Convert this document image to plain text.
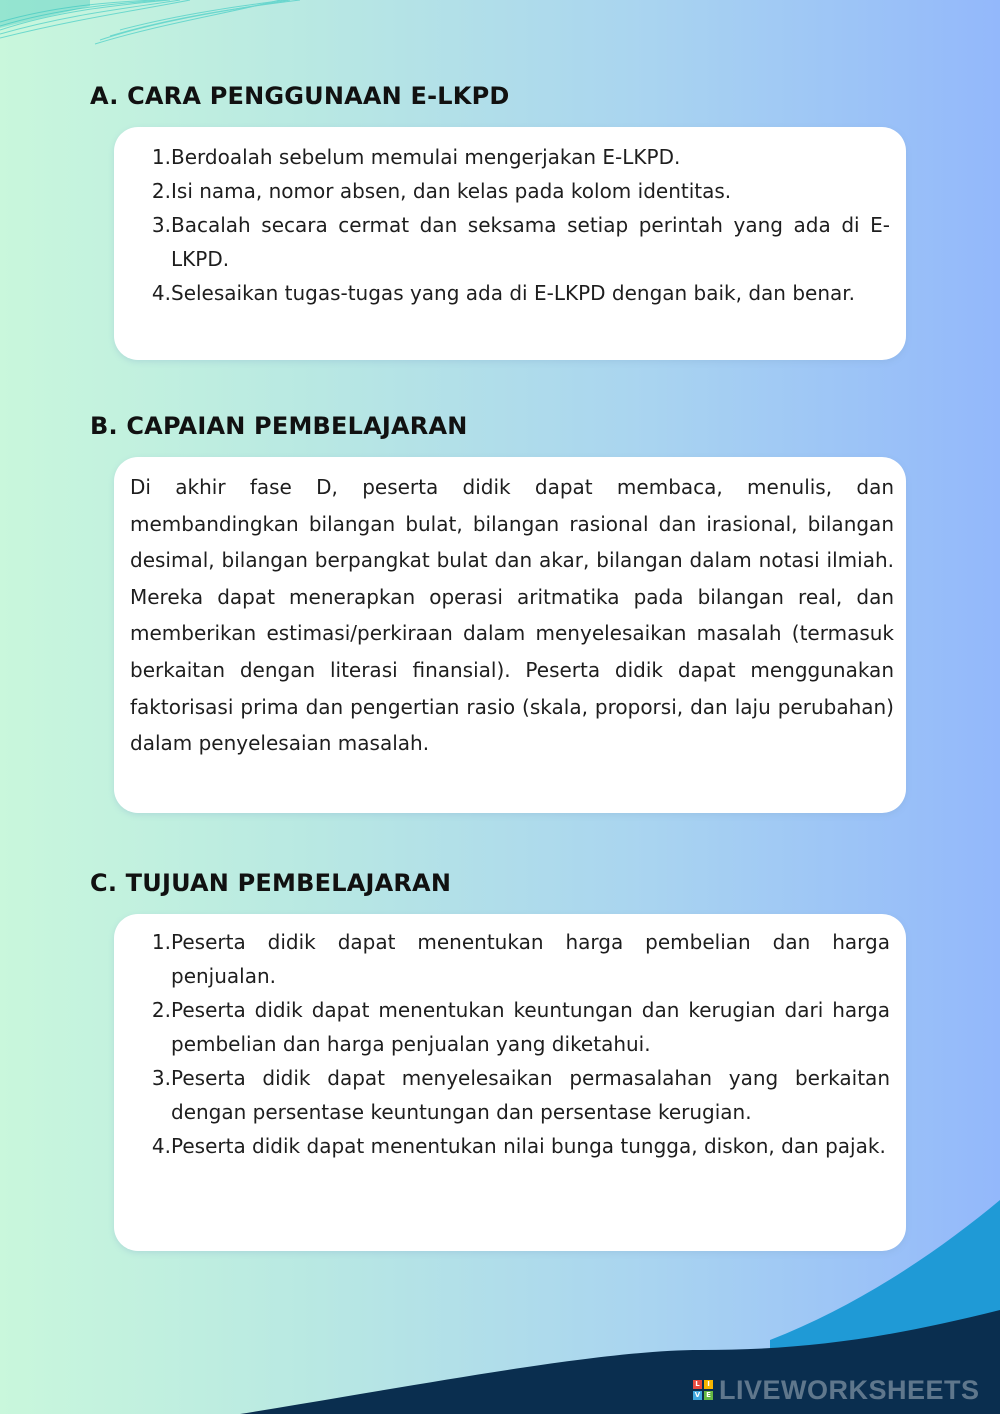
A. CARA PENGGUNAAN E-LKPD
1. Berdoalah sebelum memulai mengerjakan E-LKPD.
2. Isi nama, nomor absen, dan kelas pada kolom identitas.
3. Bacalah secara cermat dan seksama setiap perintah yang ada di E-LKPD.
4. Selesaikan tugas-tugas yang ada di E-LKPD dengan baik, dan benar.
B. CAPAIAN PEMBELAJARAN

Di akhir fase D, peserta didik dapat membaca, menulis, dan membandingkan bilangan bulat, bilangan rasional dan irasional, bilangan desimal, bilangan berpangkat bulat dan akar, bilangan dalam notasi ilmiah. Mereka dapat menerapkan operasi aritmatika pada bilangan real, dan memberikan estimasi/perkiraan dalam menyelesaikan masalah (termasuk berkaitan dengan literasi finansial). Peserta didik dapat menggunakan faktorisasi prima dan pengertian rasio (skala, proporsi, dan laju perubahan) dalam penyelesaian masalah.

C. TUJUAN PEMBELAJARAN
1. Peserta didik dapat menentukan harga pembelian dan harga penjualan.
2. Peserta didik dapat menentukan keuntungan dan kerugian dari harga pembelian dan harga penjualan yang diketahui.
3. Peserta didik dapat menyelesaikan permasalahan yang berkaitan dengan persentase keuntungan dan persentase kerugian.
4. Peserta didik dapat menentukan nilai bunga tungga, diskon, dan pajak.
L	I
V E LIVEWORKSHEETS
